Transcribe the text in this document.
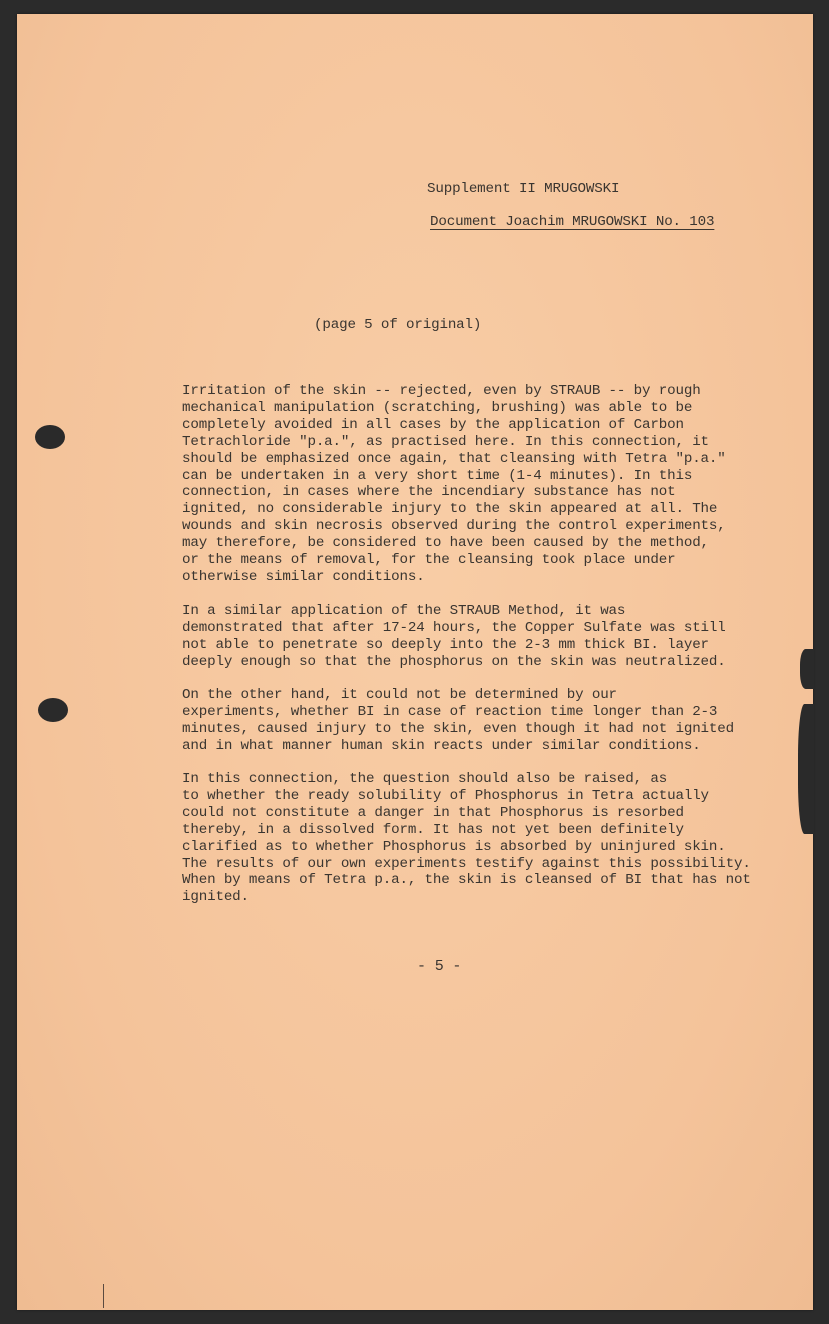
Supplement II MRUGOWSKI
Document Joachim MRUGOWSKI No. 103
(page 5 of original)
Irritation of the skin -- rejected, even by STRAUB -- by rough
mechanical manipulation (scratching, brushing) was able to be
completely avoided in all cases by the application of Carbon
Tetrachloride "p.a.", as practised here. In this connection, it
should be emphasized once again, that cleansing with Tetra "p.a."
can be undertaken in a very short time (1-4 minutes). In this
connection, in cases where the incendiary substance has not
ignited, no considerable injury to the skin appeared at all. The
wounds and skin necrosis observed during the control experiments,
may therefore, be considered to have been caused by the method,
or the means of removal, for the cleansing took place under
otherwise similar conditions.
In a similar application of the STRAUB Method, it was
demonstrated that after 17-24 hours, the Copper Sulfate was still
not able to penetrate so deeply into the 2-3 mm thick BI. layer
deeply enough so that the phosphorus on the skin was neutralized.
On the other hand, it could not be determined by our
experiments, whether BI in case of reaction time longer than 2-3
minutes, caused injury to the skin, even though it had not ignited
and in what manner human skin reacts under similar conditions.
In this connection, the question should also be raised, as
to whether the ready solubility of Phosphorus in Tetra actually
could not constitute a danger in that Phosphorus is resorbed
thereby, in a dissolved form. It has not yet been definitely
clarified as to whether Phosphorus is absorbed by uninjured skin.
The results of our own experiments testify against this possibility.
When by means of Tetra p.a., the skin is cleansed of BI that has not
ignited.
- 5 -
